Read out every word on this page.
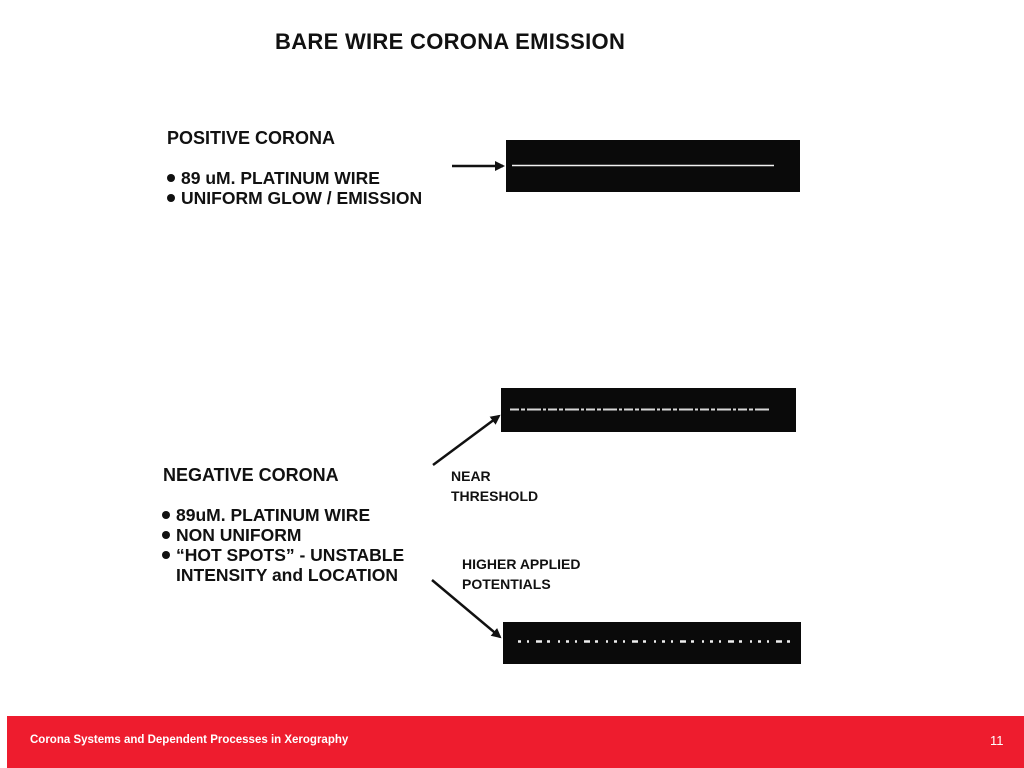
BARE WIRE CORONA EMISSION
POSITIVE CORONA
89 uM. PLATINUM WIRE
UNIFORM GLOW / EMISSION
NEGATIVE CORONA
89uM. PLATINUM WIRE
NON UNIFORM
“HOT SPOTS” - UNSTABLE
INTENSITY and LOCATION
NEAR
THRESHOLD
HIGHER APPLIED
POTENTIALS
Corona Systems and Dependent Processes in Xerography	11
